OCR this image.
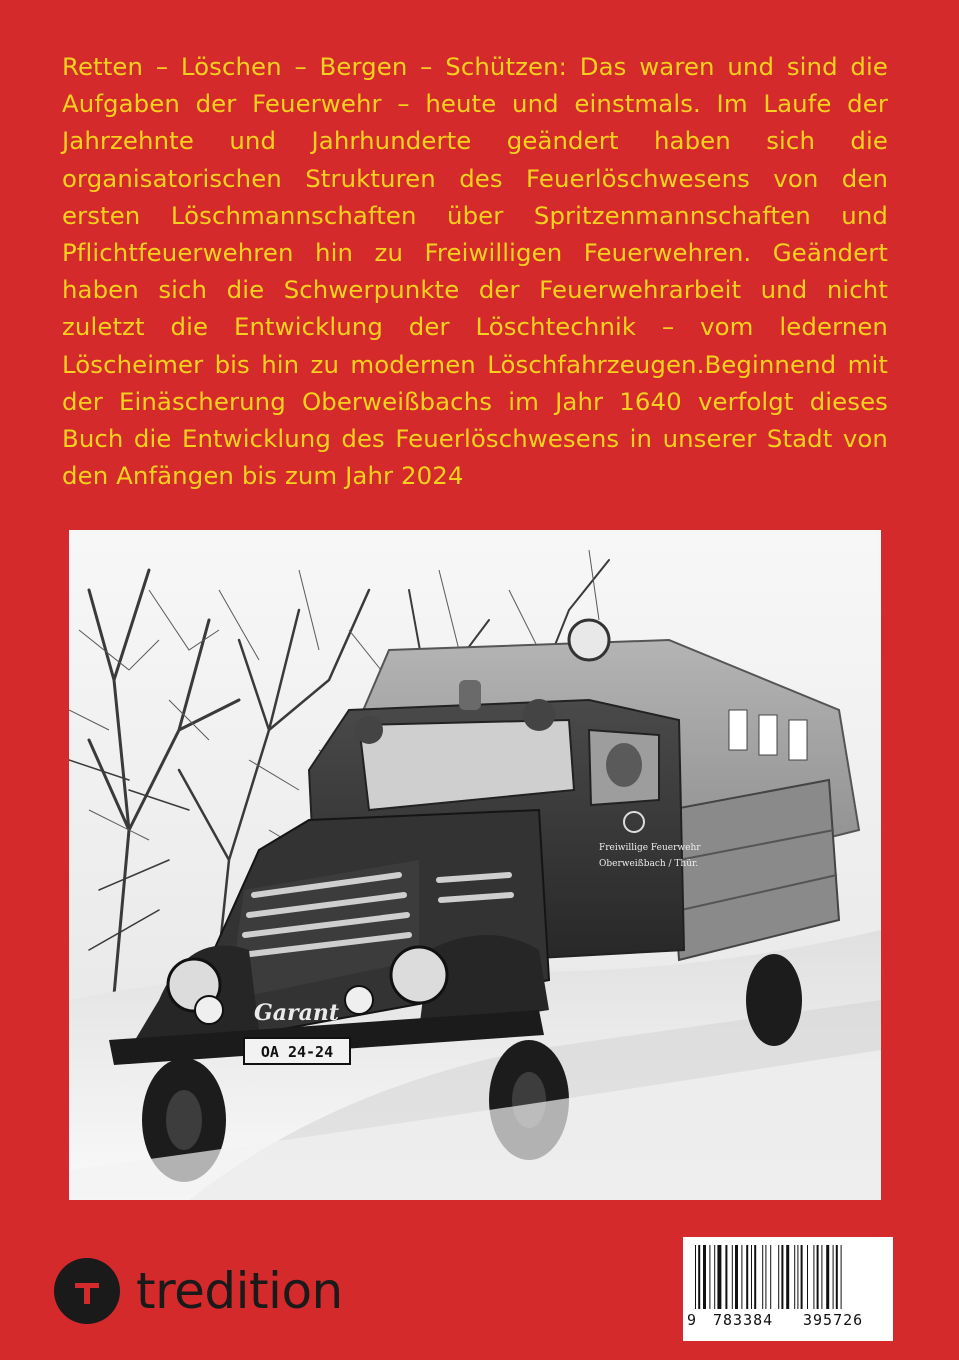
Retten – Löschen – Bergen – Schützen: Das waren und sind die Aufgaben der Feuerwehr – heute und einstmals. Im Laufe der Jahrzehnte und Jahrhunderte geändert haben sich die organisatorischen Strukturen des Feuerlöschwesens von den ersten Löschmannschaften über Spritzenmannschaften und Pflichtfeuerwehren hin zu Freiwilligen Feuerwehren. Geändert haben sich die Schwerpunkte der Feuerwehrarbeit und nicht zuletzt die Entwicklung der Löschtechnik – vom ledernen Löscheimer bis hin zu modernen Löschfahrzeugen.Beginnend mit der Einäscherung Oberweißbachs im Jahr 1640 verfolgt dieses Buch die Entwicklung des Feuerlöschwesens in unserer Stadt von den Anfängen bis zum Jahr 2024

Freiwillige Feuerwehr
Oberweißbach / Thür.
Garant
OA 24-24
tredition	9 783384 395726
